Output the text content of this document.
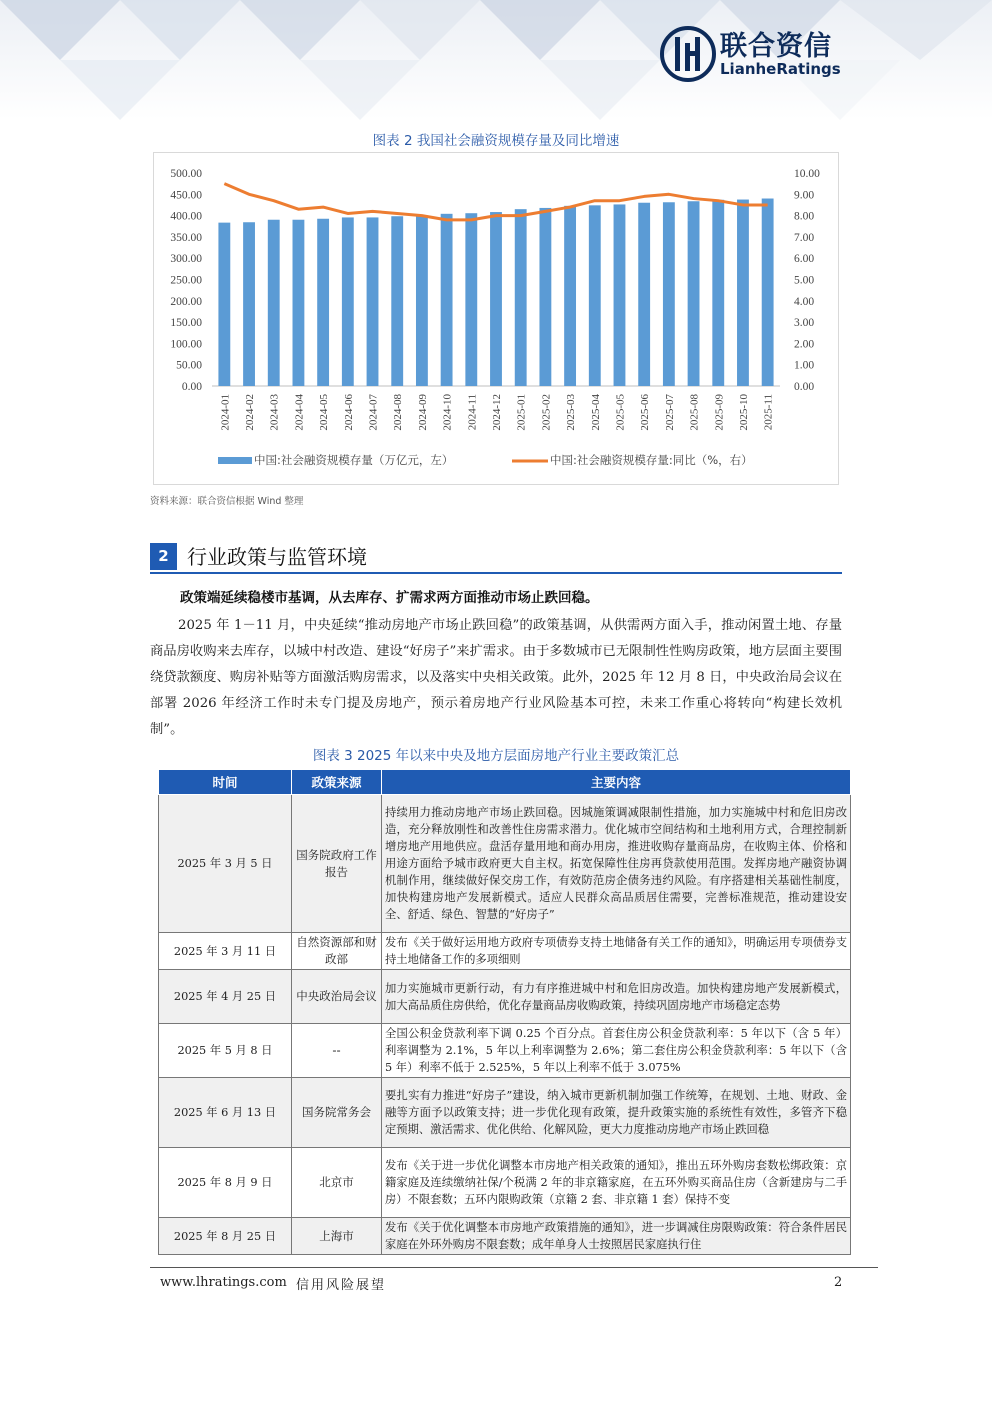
联合资信
LianheRatings
图表 2 我国社会融资规模存量及同比增速
0.00
50.00
100.00
150.00
200.00
250.00
300.00
350.00
400.00
450.00
500.00
0.00
1.00
2.00
3.00
4.00
5.00
6.00
7.00
8.00
9.00
10.00
2024-01 2024-02 2024-03 2024-04 2024-05 2024-06 2024-07 2024-08 2024-09 2024-10 2024-11 2024-12 2025-01 2025-02 2025-03 2025-04 2025-05 2025-06 2025-07 2025-08 2025-09 2025-10 2025-11
中国:社会融资规模存量（万亿元，左）	中国:社会融资规模存量:同比（%，右）
资料来源：联合资信根据 Wind 整理
2 行业政策与监管环境
政策端延续稳楼市基调，从去库存、扩需求两方面推动市场止跌回稳。
2025 年 1－11 月，中央延续“推动房地产市场止跌回稳”的政策基调，从供需两方面入手，推动闲置土地、存量商品房收购来去库存，以城中村改造、建设“好房子”来扩需求。由于多数城市已无限制性性购房政策，地方层面主要围绕贷款额度、购房补贴等方面激活购房需求，以及落实中央相关政策。此外，2025 年 12 月 8 日，中央政治局会议在部署 2026 年经济工作时未专门提及房地产，预示着房地产行业风险基本可控，未来工作重心将转向“构建长效机制”。
图表 3 2025 年以来中央及地方层面房地产行业主要政策汇总
时间	政策来源	主要内容
2025 年 3 月 5 日	国务院政府工作报告	持续用力推动房地产市场止跌回稳。因城施策调减限制性措施，加力实施城中村和危旧房改造，充分释放刚性和改善性住房需求潜力。优化城市空间结构和土地利用方式，合理控制新增房地产用地供应。盘活存量用地和商办用房，推进收购存量商品房，在收购主体、价格和用途方面给予城市政府更大自主权。拓宽保障性住房再贷款使用范围。发挥房地产融资协调机制作用，继续做好保交房工作，有效防范房企债务违约风险。有序搭建相关基础性制度，加快构建房地产发展新模式。适应人民群众高品质居住需要，完善标准规范，推动建设安全、舒适、绿色、智慧的“好房子”
2025 年 3 月 11 日	自然资源部和财政部	发布《关于做好运用地方政府专项债券支持土地储备有关工作的通知》，明确运用专项债券支持土地储备工作的多项细则
2025 年 4 月 25 日	中央政治局会议	加力实施城市更新行动，有力有序推进城中村和危旧房改造。加快构建房地产发展新模式，加大高品质住房供给，优化存量商品房收购政策，持续巩固房地产市场稳定态势
2025 年 5 月 8 日	--	全国公积金贷款利率下调 0.25 个百分点。首套住房公积金贷款利率：5 年以下（含 5 年）利率调整为 2.1%，5 年以上利率调整为 2.6%；第二套住房公积金贷款利率：5 年以下（含 5 年）利率不低于 2.525%，5 年以上利率不低于 3.075%
2025 年 6 月 13 日	国务院常务会	要扎实有力推进“好房子”建设，纳入城市更新机制加强工作统筹，在规划、土地、财政、金融等方面予以政策支持；进一步优化现有政策，提升政策实施的系统性有效性，多管齐下稳定预期、激活需求、优化供给、化解风险，更大力度推动房地产市场止跌回稳
2025 年 8 月 9 日	北京市	发布《关于进一步优化调整本市房地产相关政策的通知》，推出五环外购房套数松绑政策：京籍家庭及连续缴纳社保/个税满 2 年的非京籍家庭，在五环外购买商品住房（含新建房与二手房）不限套数；五环内限购政策（京籍 2 套、非京籍 1 套）保持不变
2025 年 8 月 25 日	上海市	发布《关于优化调整本市房地产政策措施的通知》，进一步调减住房限购政策：符合条件居民家庭在外环外购房不限套数；成年单身人士按照居民家庭执行住
www.lhratings.com 信用风险展望	2
